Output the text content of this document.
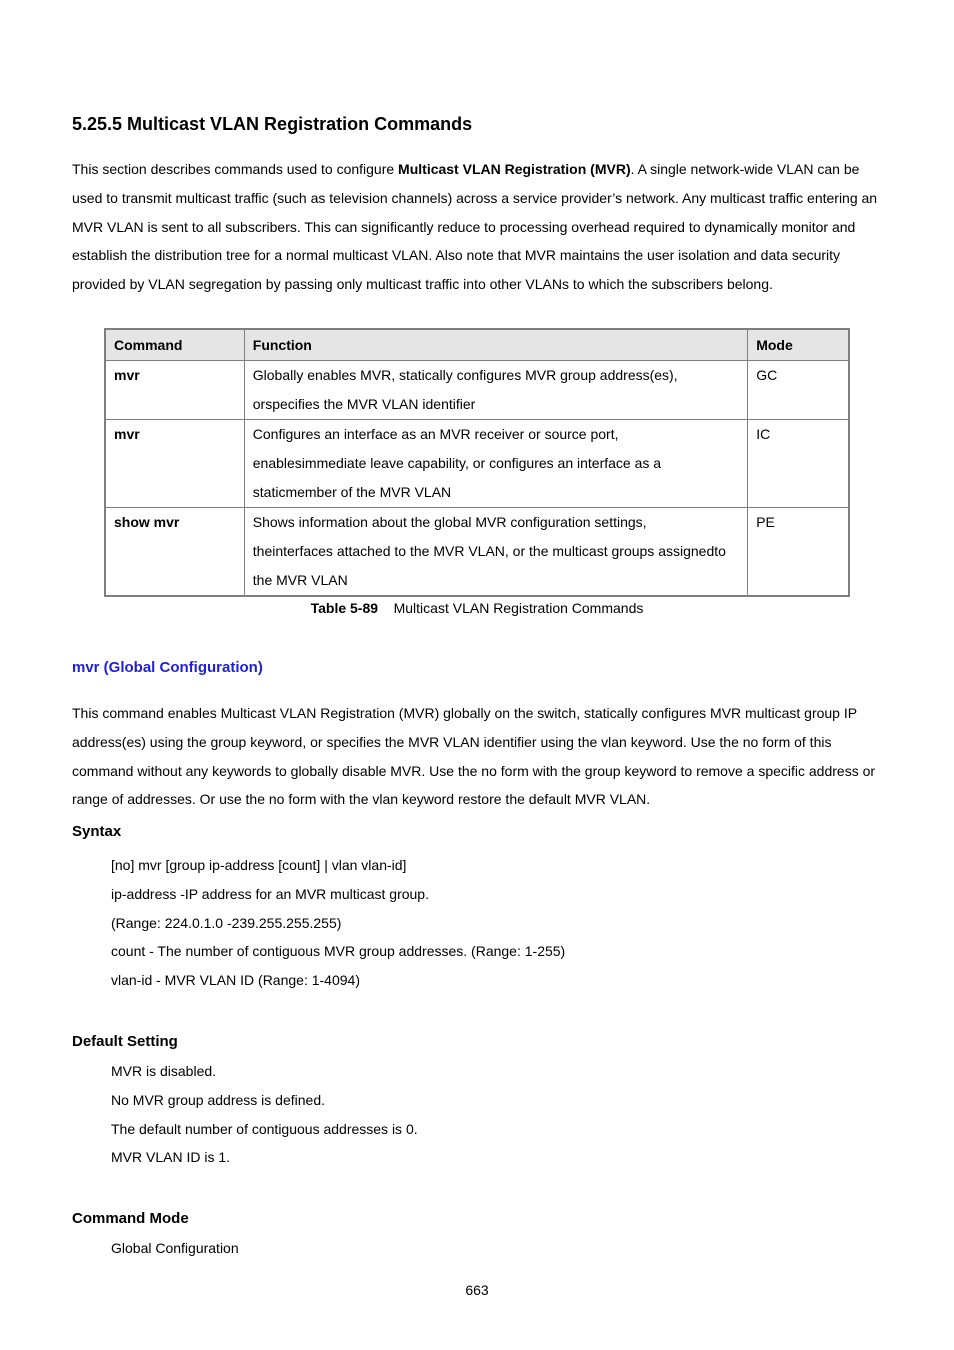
5.25.5 Multicast VLAN Registration Commands

This section describes commands used to configure Multicast VLAN Registration (MVR). A single network-wide VLAN can be used to transmit multicast traffic (such as television channels) across a service provider’s network. Any multicast traffic entering an MVR VLAN is sent to all subscribers. This can significantly reduce to processing overhead required to dynamically monitor and establish the distribution tree for a normal multicast VLAN. Also note that MVR maintains the user isolation and data security provided by VLAN segregation by passing only multicast traffic into other VLANs to which the subscribers belong.

Command	Function	Mode
mvr	Globally enables MVR, statically configures MVR group address(es),
orspecifies the MVR VLAN identifier	GC
mvr	Configures an interface as an MVR receiver or source port,
enablesimmediate leave capability, or configures an interface as a
staticmember of the MVR VLAN	IC
show mvr	Shows information about the global MVR configuration settings,
theinterfaces attached to the MVR VLAN, or the multicast groups assignedto
the MVR VLAN	PE
Table 5-89 Multicast VLAN Registration Commands
mvr (Global Configuration)

This command enables Multicast VLAN Registration (MVR) globally on the switch, statically configures MVR multicast group IP address(es) using the group keyword, or specifies the MVR VLAN identifier using the vlan keyword. Use the no form of this command without any keywords to globally disable MVR. Use the no form with the group keyword to remove a specific address or range of addresses. Or use the no form with the vlan keyword restore the default MVR VLAN.

Syntax
[no] mvr [group ip-address [count] | vlan vlan-id]
ip-address -IP address for an MVR multicast group.
(Range: 224.0.1.0 -239.255.255.255)
count - The number of contiguous MVR group addresses. (Range: 1-255)
vlan-id - MVR VLAN ID (Range: 1-4094)
Default Setting
MVR is disabled.
No MVR group address is defined.
The default number of contiguous addresses is 0.
MVR VLAN ID is 1.
Command Mode
Global Configuration
663
